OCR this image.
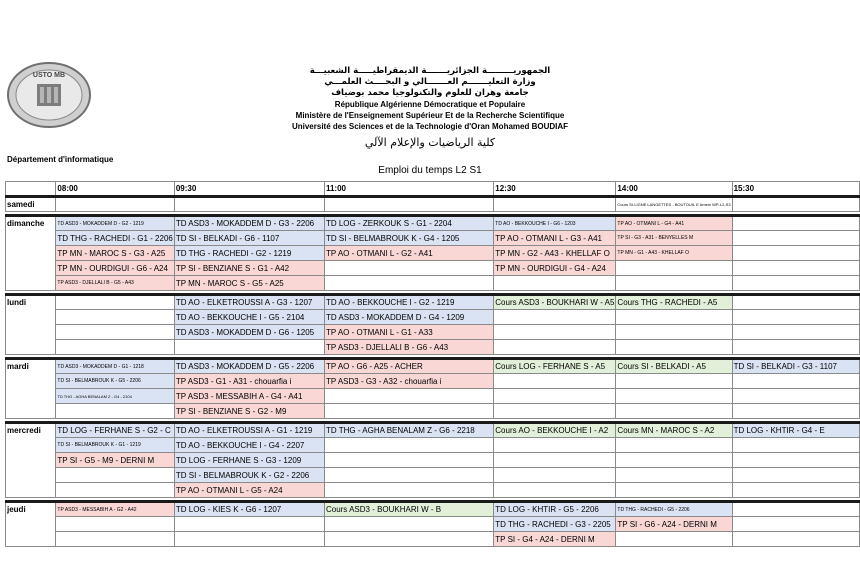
USTO MB	الجمهوريـــــــــة الجزائريـــــــة الديمقراطيـــــة الشعبيـــة
وزارة التعليـــــــم العـــــــالي و البحــــث العلمـــي
جامعة وهران للعلوم والتكنولوجيا محمد بوضياف
République Algérienne Démocratique et Populaire
Ministère de l'Enseignement Supérieur Et de la Recherche Scientifique
Université des Sciences et de la Technologie d'Oran Mohamed BOUDIAF
كلية الرياضيات والإعلام الآلي
Département d'informatique
Emploi du temps L2 S1
	08:00	09:30	11:00	12:30	14:00	15:30
samedi					Cours SI-LIGNE LANGETTES - BOUTOUIL E Ameni WP-L2-S3	

dimanche	TD ASD3 - MOKADDEM D - G2 - 1219	TD ASD3 - MOKADDEM D - G3 - 2206	TD LOG - ZERKOUK S - G1 - 2204	TD AO - BEKKOUCHE I - G6 - 1203	TP AO - OTMANI L - G4 - A41	
	TD THG - RACHEDI - G1 - 2206	TD SI - BELKADI - G6 - 1107	TD SI - BELMABROUK K - G4 - 1205	TP AO - OTMANI L - G3 - A41	TP SI - G3 - A31 - BENYELLES M	
	TP MN - MAROC S - G3 - A25	TD THG - RACHEDI - G2 - 1219	TP AO - OTMANI L - G2 - A41	TP MN - G2 - A43 - KHELLAF O	TP MN - G1 - A43 - KHELLAF O	
	TP MN - OURDIGUI - G6 - A24	TP SI - BENZIANE S - G1 - A42		TP MN - OURDIGUI - G4 - A24		
	TP ASD3 - DJELLALI B - G5 - A43	TP MN - MAROC S - G5 - A25				

lundi		TD AO - ELKETROUSSI A - G3 - 1207	TD AO - BEKKOUCHE I - G2 - 1219	Cours ASD3 - BOUKHARI W - A5	Cours THG - RACHEDI - A5	
		TD AO - BEKKOUCHE I - G5 - 2104	TD ASD3 - MOKADDEM D - G4 - 1209			
		TD ASD3 - MOKADDEM D - G6 - 1205	TP AO - OTMANI L - G1 - A33			
			TP ASD3 - DJELLALI B - G6 - A43			

mardi	TD ASD3 - MOKADDEM D - G1 - 1218	TD ASD3 - MOKADDEM D - G5 - 2206	TP AO - G6 - A25 - ACHER	Cours LOG - FERHANE S - A5	Cours SI - BELKADI - A5	TD SI - BELKADI - G3 - 1107
	TD SI - BELMABROUK K - G5 - 2206	TP ASD3 - G1 - A31 - chouarfia i	TP ASD3 - G3 - A32 - chouarfia i			
	TD THG - AGHA BENALAM Z - G4 - 2104	TP ASD3 - MESSABIH A - G4 - A41				
		TP SI - BENZIANE S - G2 - M9				

mercredi	TD LOG - FERHANE S - G2 - C	TD AO - ELKETROUSSI A - G1 - 1219	TD THG - AGHA BENALAM Z - G6 - 2218	Cours AO - BEKKOUCHE I - A2	Cours MN - MAROC S - A2	TD LOG - KHTIR - G4 - E
	TD SI - BELMABROUK K - G1 - 1219	TD AO - BEKKOUCHE I - G4 - 2207				
	TP SI - G5 - M9 - DERNI M	TD LOG - FERHANE S - G3 - 1209				
		TD SI - BELMABROUK K - G2 - 2206				
		TP AO - OTMANI L - G5 - A24				

jeudi	TP ASD3 - MESSABIH A - G2 - A42	TD LOG - KIES K - G6 - 1207	Cours ASD3 - BOUKHARI W - B	TD LOG - KHTIR - G5 - 2206	TD THG - RACHEDI - G5 - 2206	
				TD THG - RACHEDI - G3 - 2205	TP SI - G6 - A24 - DERNI M	
				TP SI - G4 - A24 - DERNI M		
